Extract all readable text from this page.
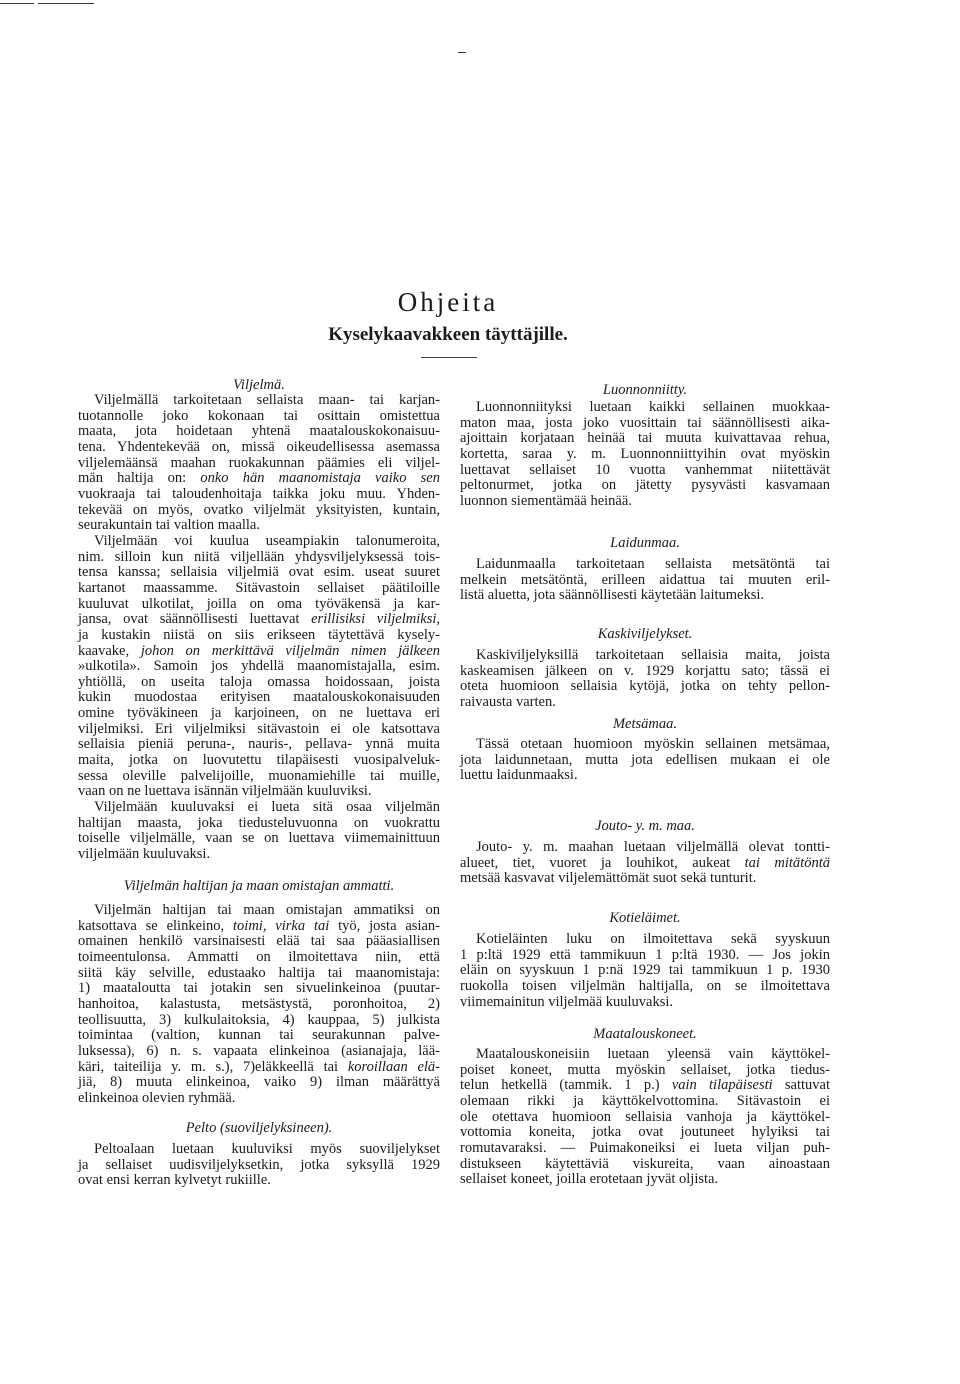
Ohjeita
Kyselykaavakkeen täyttäjille.
Viljelmä.
Viljelmällä tarkoitetaan sellaista maan- tai karjan-
tuotannolle joko kokonaan tai osittain omistettua
maata, jota hoidetaan yhtenä maatalouskokonaisuu-
tena. Yhdentekevää on, missä oikeudellisessa asemassa
viljelemäänsä maahan ruokakunnan päämies eli viljel-
män haltija on: onko hän maanomistaja vaiko sen
vuokraaja tai taloudenhoitaja taikka joku muu. Yhden-
tekevää on myös, ovatko viljelmät yksityisten, kuntain,
seurakuntain tai valtion maalla.
Viljelmään voi kuulua useampiakin talonumeroita,
nim. silloin kun niitä viljellään yhdysviljelyksessä tois-
tensa kanssa; sellaisia viljelmiä ovat esim. useat suuret
kartanot maassamme. Sitävastoin sellaiset päätiloille
kuuluvat ulkotilat, joilla on oma työväkensä ja kar-
jansa, ovat säännöllisesti luettavat erillisiksi viljelmiksi,
ja kustakin niistä on siis erikseen täytettävä kysely-
kaavake, johon on merkittävä viljelmän nimen jälkeen
»ulkotila». Samoin jos yhdellä maanomistajalla, esim.
yhtiöllä, on useita taloja omassa hoidossaan, joista
kukin muodostaa erityisen maatalouskokonaisuuden
omine työväkineen ja karjoineen, on ne luettava eri
viljelmiksi. Eri viljelmiksi sitävastoin ei ole katsottava
sellaisia pieniä peruna-, nauris-, pellava- ynnä muita
maita, jotka on luovutettu tilapäisesti vuosipalveluk-
sessa oleville palvelijoille, muonamiehille tai muille,
vaan on ne luettava isännän viljelmään kuuluviksi.
Viljelmään kuuluvaksi ei lueta sitä osaa viljelmän
haltijan maasta, joka tiedusteluvuonna on vuokrattu
toiselle viljelmälle, vaan se on luettava viimemainittuun
viljelmään kuuluvaksi.
Viljelmän haltijan ja maan omistajan ammatti.
Viljelmän haltijan tai maan omistajan ammatiksi on
katsottava se elinkeino, toimi, virka tai työ, josta asian-
omainen henkilö varsinaisesti elää tai saa pääasiallisen
toimeentulonsa. Ammatti on ilmoitettava niin, että
siitä käy selville, edustaako haltija tai maanomistaja:
1) maataloutta tai jotakin sen sivuelinkeinoa (puutar-
hanhoitoa, kalastusta, metsästystä, poronhoitoa, 2)
teollisuutta, 3) kulkulaitoksia, 4) kauppaa, 5) julkista
toimintaa (valtion, kunnan tai seurakunnan palve-
luksessa), 6) n. s. vapaata elinkeinoa (asianajaja, lää-
käri, taiteilija y. m. s.), 7)eläkkeellä tai koroillaan elä-
jiä, 8) muuta elinkeinoa, vaiko 9) ilman määrättyä
elinkeinoa olevien ryhmää.
Pelto (suoviljelyksineen).
Peltoalaan luetaan kuuluviksi myös suoviljelykset
ja sellaiset uudisviljelyksetkin, jotka syksyllä 1929
ovat ensi kerran kylvetyt rukiille.
Luonnonniitty.
Luonnonniityksi luetaan kaikki sellainen muokkaa-
maton maa, josta joko vuosittain tai säännöllisesti aika-
ajoittain korjataan heinää tai muuta kuivattavaa rehua,
kortetta, saraa y. m. Luonnonniittyihin ovat myöskin
luettavat sellaiset 10 vuotta vanhemmat niitettävät
peltonurmet, jotka on jätetty pysyvästi kasvamaan
luonnon siementämää heinää.
Laidunmaa.
Laidunmaalla tarkoitetaan sellaista metsätöntä tai
melkein metsätöntä, erilleen aidattua tai muuten eril-
listä aluetta, jota säännöllisesti käytetään laitumeksi.
Kaskiviljelykset.
Kaskiviljelyksillä tarkoitetaan sellaisia maita, joista
kaskeamisen jälkeen on v. 1929 korjattu sato; tässä ei
oteta huomioon sellaisia kytöjä, jotka on tehty pellon-
raivausta varten.
Metsämaa.
Tässä otetaan huomioon myöskin sellainen metsämaa,
jota laidunnetaan, mutta jota edellisen mukaan ei ole
luettu laidunmaaksi.
Jouto- y. m. maa.
Jouto- y. m. maahan luetaan viljelmällä olevat tontti-
alueet, tiet, vuoret ja louhikot, aukeat tai mitätöntä
metsää kasvavat viljelemättömät suot sekä tunturit.
Kotieläimet.
Kotieläinten luku on ilmoitettava sekä syyskuun
1 p:ltä 1929 että tammikuun 1 p:ltä 1930. — Jos jokin
eläin on syyskuun 1 p:nä 1929 tai tammikuun 1 p. 1930
ruokolla toisen viljelmän haltijalla, on se ilmoitettava
viimemainitun viljelmää kuuluvaksi.
Maatalouskoneet.
Maatalouskoneisiin luetaan yleensä vain käyttökel-
poiset koneet, mutta myöskin sellaiset, jotka tiedus-
telun hetkellä (tammik. 1 p.) vain tilapäisesti sattuvat
olemaan rikki ja käyttökelvottomina. Sitävastoin ei
ole otettava huomioon sellaisia vanhoja ja käyttökel-
vottomia koneita, jotka ovat joutuneet hylyiksi tai
romutavaraksi. — Puimakoneiksi ei lueta viljan puh-
distukseen käytettäviä viskureita, vaan ainoastaan
sellaiset koneet, joilla erotetaan jyvät oljista.
